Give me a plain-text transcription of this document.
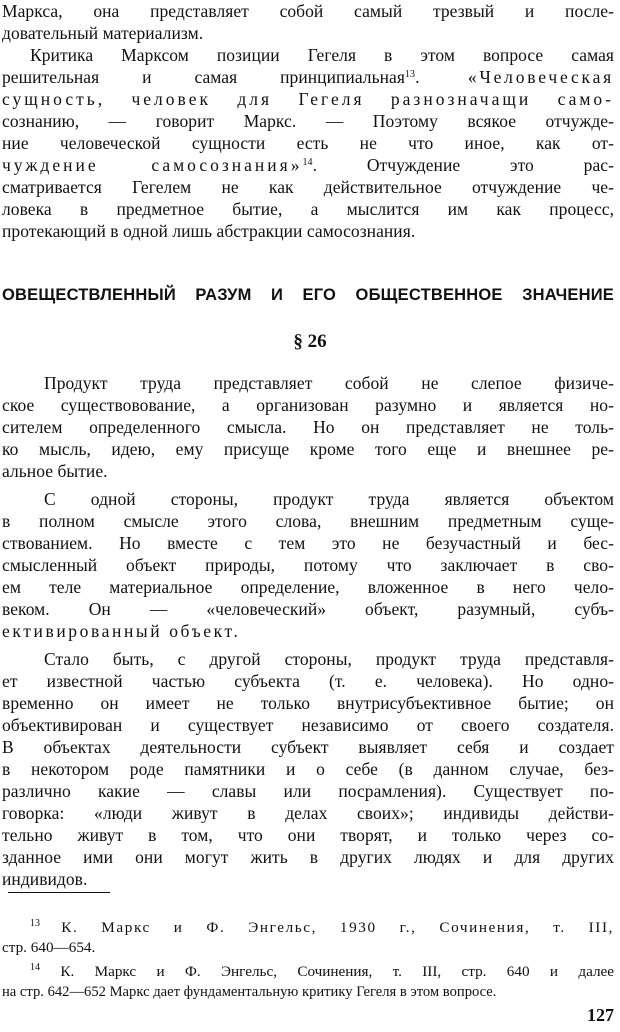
Маркса, она представляет собой самый трезвый и после-
довательный материализм.
Критика Марксом позиции Гегеля в этом вопросе самая
решительная и самая принципиальная$^{13}$. «Человеческая
сущность, человек для Гегеля разнозначащи само-
сознанию, — говорит Маркс. — Поэтому всякое отчужде-
ние человеческой сущности есть не что иное, как от-
чуждение самосознания»$^{14}$. Отчуждение это рас-
сматривается Гегелем не как действительное отчуждение че-
ловека в предметное бытие, а мыслится им как процесс,
протекающий в одной лишь абстракции самосознания.
ОВЕЩЕСТВЛЕННЫЙ РАЗУМ И ЕГО ОБЩЕСТВЕННОЕ ЗНАЧЕНИЕ
§ 26
Продукт труда представляет собой не слепое физиче-
ское существовование, а организован разумно и является но-
сителем определенного смысла. Но он представляет не толь-
ко мысль, идею, ему присуще кроме того еще и внешнее ре-
альное бытие.
С одной стороны, продукт труда является объектом
в полном смысле этого слова, внешним предметным суще-
ствованием. Но вместе с тем это не безучастный и бес-
смысленный объект природы, потому что заключает в сво-
ем теле материальное определение, вложенное в него чело-
веком. Он — «человеческий» объект, разумный, субъ-
ективированный объект.
Стало быть, с другой стороны, продукт труда представля-
ет известной частью субъекта (т. е. человека). Но одно-
временно он имеет не только внутрисубъективное бытие; он
объективирован и существует независимо от своего создателя.
В объектах деятельности субъект выявляет себя и создает
в некотором роде памятники и о себе (в данном случае, без-
различно какие — славы или посрамления). Существует по-
говорка: «люди живут в делах своих»; индивиды действи-
тельно живут в том, что они творят, и только через со-
зданное ими они могут жить в других людях и для других
индивидов.
$^{13}$ К. Маркс и Ф. Энгельс, 1930 г., Сочинения, т. III,
стр. 640—654.
$^{14}$ К. Маркс и Ф. Энгельс, Сочинения, т. III, стр. 640 и далее
на стр. 642—652 Маркс дает фундаментальную критику Гегеля в этом вопросе.
127
